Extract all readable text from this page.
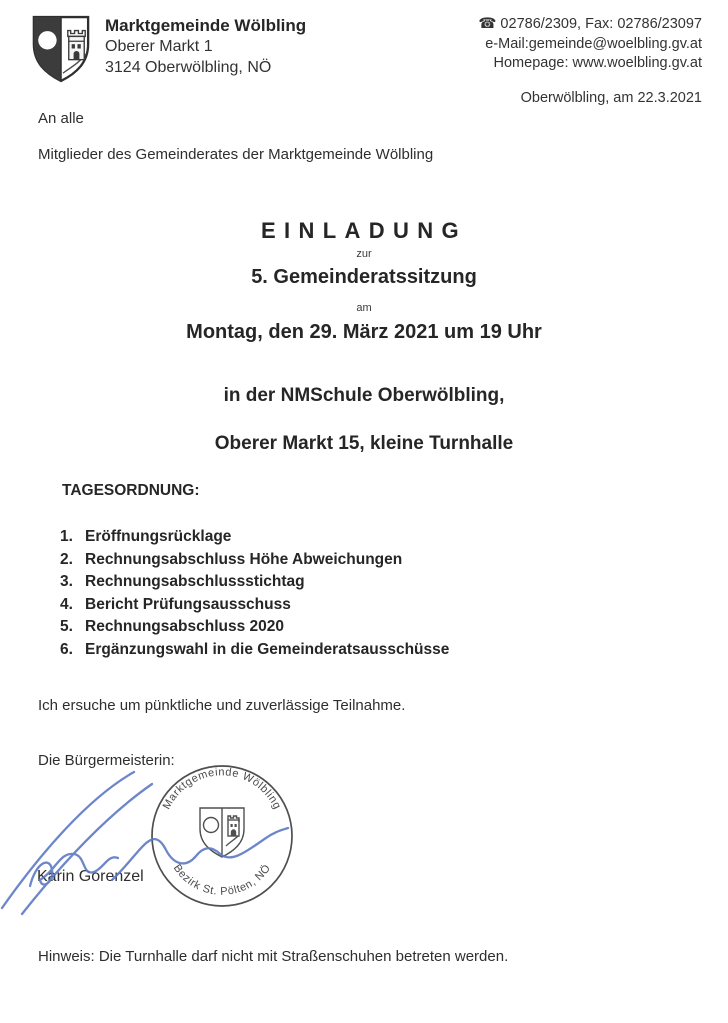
Marktgemeinde Wölbling
Oberer Markt 1
3124 Oberwölbling, NÖ
☎ 02786/2309, Fax: 02786/23097
e-Mail:gemeinde@woelbling.gv.at
Homepage: www.woelbling.gv.at
Oberwölbling, am 22.3.2021
An alle
Mitglieder des Gemeinderates der Marktgemeinde Wölbling
EINLADUNG
zur
5. Gemeinderatssitzung
am
Montag, den 29. März 2021 um 19 Uhr
in der NMSchule Oberwölbling,
Oberer Markt 15, kleine Turnhalle
TAGESORDNUNG:
1. Eröffnungsrücklage
2. Rechnungsabschluss Höhe Abweichungen
3. Rechnungsabschlussstichtag
4. Bericht Prüfungsausschuss
5. Rechnungsabschluss 2020
6. Ergänzungswahl in die Gemeinderatsausschüsse
Ich ersuche um pünktliche und zuverlässige Teilnahme.
Die Bürgermeisterin:
Karin Gorenzel
Marktgemeinde Wölbling
Bezirk St. Pölten, NÖ
Hinweis: Die Turnhalle darf nicht mit Straßenschuhen betreten werden.
